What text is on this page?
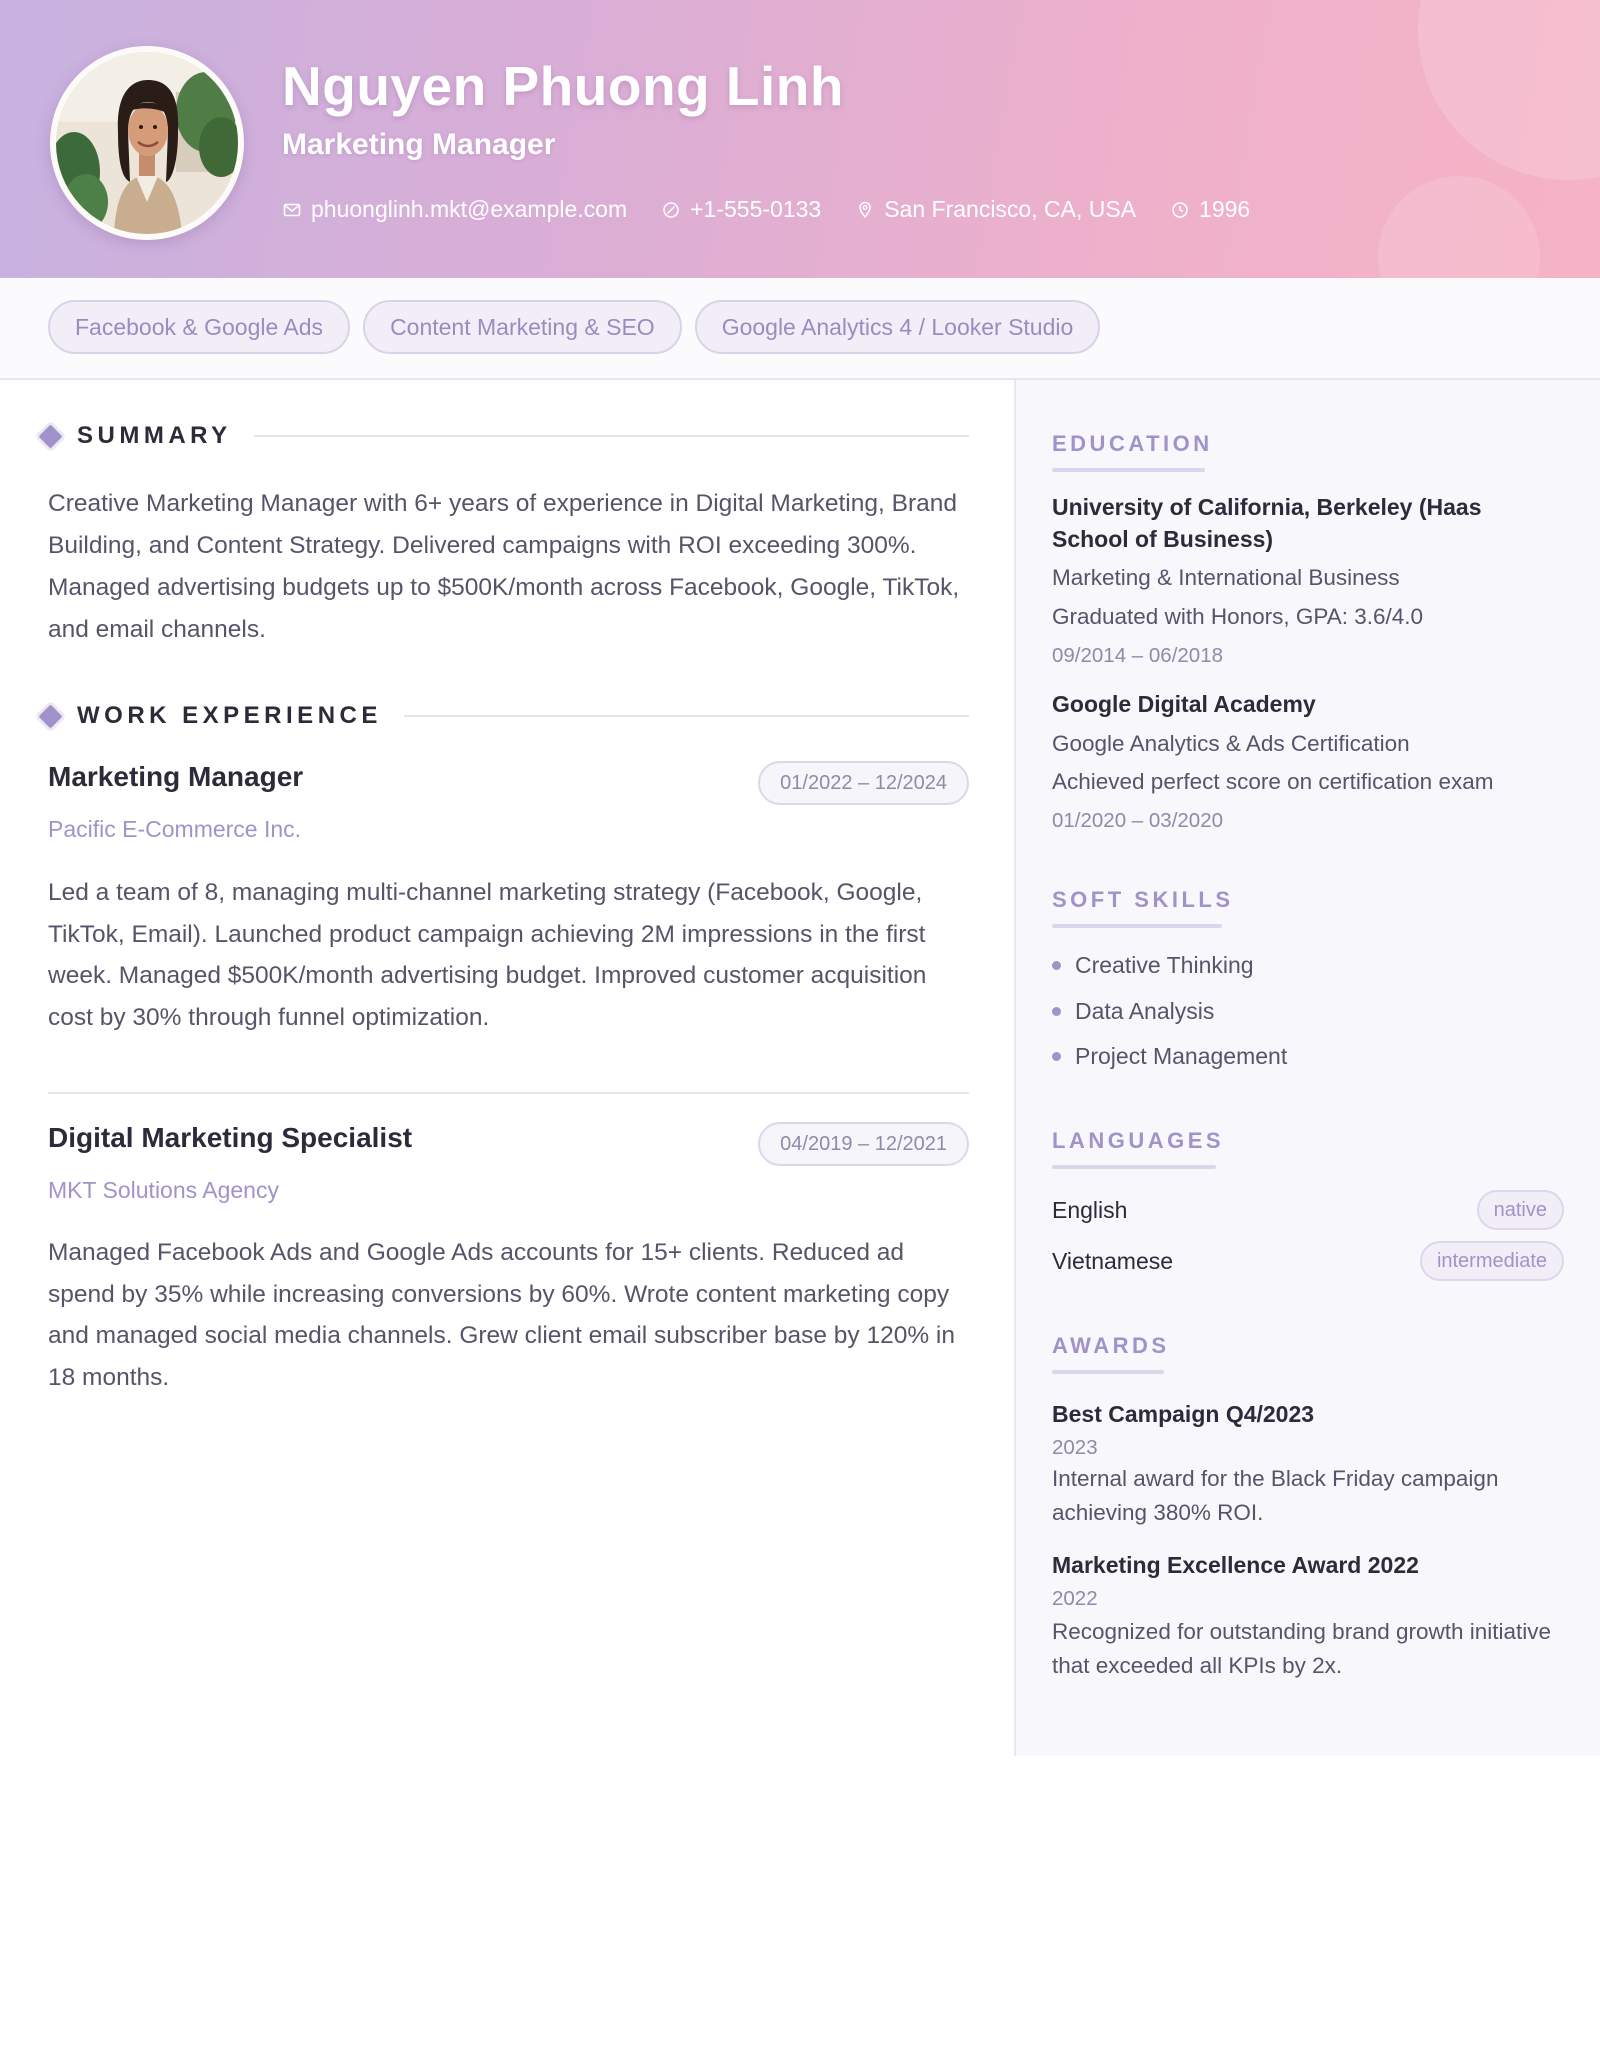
Nguyen Phuong Linh
Marketing Manager
phuonglinh.mkt@example.com	+1-555-0133	San Francisco, CA, USA	1996
Facebook & Google Ads	Content Marketing & SEO	Google Analytics 4 / Looker Studio
SUMMARY
Creative Marketing Manager with 6+ years of experience in Digital Marketing, Brand Building, and Content Strategy. Delivered campaigns with ROI exceeding 300%. Managed advertising budgets up to $500K/month across Facebook, Google, TikTok, and email channels.
WORK EXPERIENCE
Marketing Manager	01/2022 – 12/2024
Pacific E-Commerce Inc.
Led a team of 8, managing multi-channel marketing strategy (Facebook, Google, TikTok, Email). Launched product campaign achieving 2M impressions in the first week. Managed $500K/month advertising budget. Improved customer acquisition cost by 30% through funnel optimization.
Digital Marketing Specialist	04/2019 – 12/2021
MKT Solutions Agency
Managed Facebook Ads and Google Ads accounts for 15+ clients. Reduced ad spend by 35% while increasing conversions by 60%. Wrote content marketing copy and managed social media channels. Grew client email subscriber base by 120% in 18 months.
EDUCATION
University of California, Berkeley (Haas School of Business)
Marketing & International Business
Graduated with Honors, GPA: 3.6/4.0
09/2014 – 06/2018
Google Digital Academy
Google Analytics & Ads Certification
Achieved perfect score on certification exam
01/2020 – 03/2020
SOFT SKILLS
Creative Thinking
Data Analysis
Project Management
LANGUAGES
English	native
Vietnamese	intermediate
AWARDS
Best Campaign Q4/2023
2023
Internal award for the Black Friday campaign achieving 380% ROI.
Marketing Excellence Award 2022
2022
Recognized for outstanding brand growth initiative that exceeded all KPIs by 2x.
